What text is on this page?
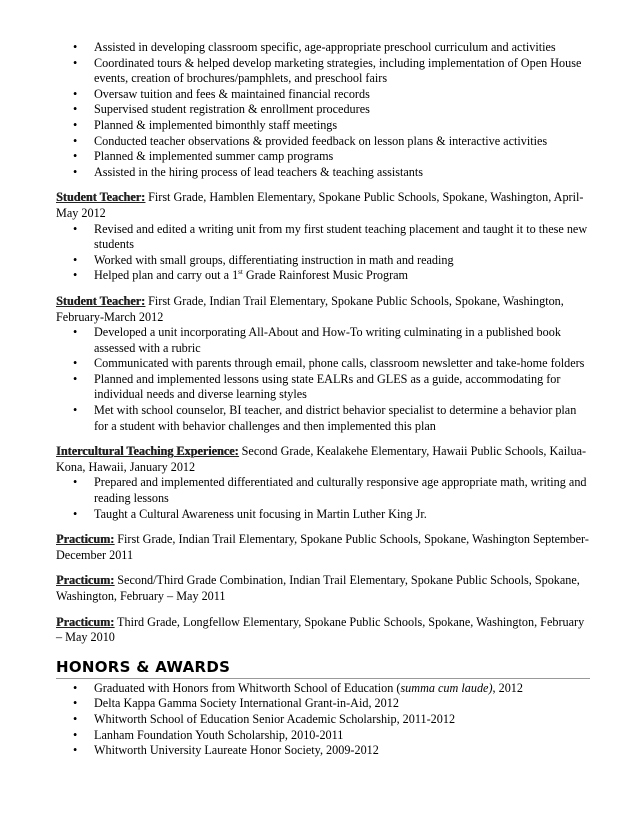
• Assisted in developing classroom specific, age-appropriate preschool curriculum and activities
• Coordinated tours & helped develop marketing strategies, including implementation of Open House events, creation of brochures/pamphlets, and preschool fairs
• Oversaw tuition and fees & maintained financial records
• Supervised student registration & enrollment procedures
• Planned & implemented bimonthly staff meetings
• Conducted teacher observations & provided feedback on lesson plans & interactive activities
• Planned & implemented summer camp programs
• Assisted in the hiring process of lead teachers & teaching assistants
Student Teacher: First Grade, Hamblen Elementary, Spokane Public Schools, Spokane, Washington, April-May 2012
• Revised and edited a writing unit from my first student teaching placement and taught it to these new students
• Worked with small groups, differentiating instruction in math and reading
• Helped plan and carry out a 1st Grade Rainforest Music Program
Student Teacher: First Grade, Indian Trail Elementary, Spokane Public Schools, Spokane, Washington, February-March 2012
• Developed a unit incorporating All-About and How-To writing culminating in a published book assessed with a rubric
• Communicated with parents through email, phone calls, classroom newsletter and take-home folders
• Planned and implemented lessons using state EALRs and GLES as a guide, accommodating for individual needs and diverse learning styles
• Met with school counselor, BI teacher, and district behavior specialist to determine a behavior plan for a student with behavior challenges and then implemented this plan
Intercultural Teaching Experience: Second Grade, Kealakehe Elementary, Hawaii Public Schools, Kailua-Kona, Hawaii, January 2012
• Prepared and implemented differentiated and culturally responsive age appropriate math, writing and reading lessons
• Taught a Cultural Awareness unit focusing in Martin Luther King Jr.
Practicum: First Grade, Indian Trail Elementary, Spokane Public Schools, Spokane, Washington September-December 2011
Practicum: Second/Third Grade Combination, Indian Trail Elementary, Spokane Public Schools, Spokane, Washington, February – May 2011
Practicum: Third Grade, Longfellow Elementary, Spokane Public Schools, Spokane, Washington, February – May 2010
HONORS & AWARDS
• Graduated with Honors from Whitworth School of Education (summa cum laude), 2012
• Delta Kappa Gamma Society International Grant-in-Aid, 2012
• Whitworth School of Education Senior Academic Scholarship, 2011-2012
• Lanham Foundation Youth Scholarship, 2010-2011
• Whitworth University Laureate Honor Society, 2009-2012
